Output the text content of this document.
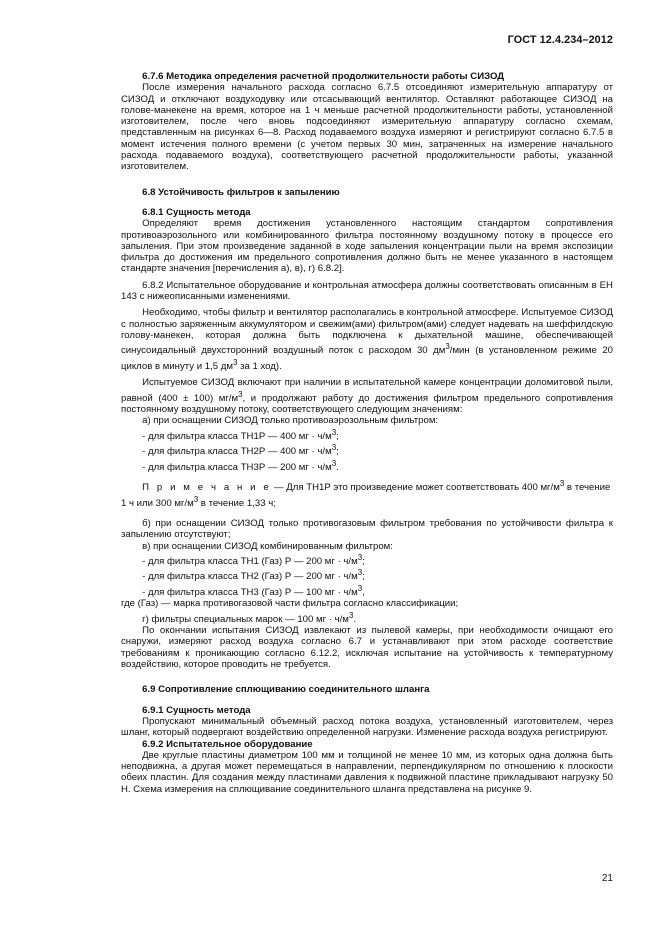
ГОСТ 12.4.234–2012

6.7.6 Методика определения расчетной продолжительности работы СИЗОД

После измерения начального расхода согласно 6.7.5 отсоединяют измерительную аппаратуру от СИЗОД и отключают воздуходувку или отсасывающий вентилятор. Оставляют работающее СИЗОД на голове-манекене на время, которое на 1 ч меньше расчетной продолжительности работы, установленной изготовителем, после чего вновь подсоединяют измерительную аппаратуру согласно схемам, представленным на рисунках 6—8. Расход подаваемого воздуха измеряют и регистрируют согласно 6.7.5 в момент истечения полного времени (с учетом первых 30 мин, затраченных на измерение начального расхода подаваемого воздуха), соответствующего расчетной продолжительности работы, указанной изготовителем.

6.8 Устойчивость фильтров к запылению
6.8.1 Сущность метода

Определяют время достижения установленного настоящим стандартом сопротивления противоаэрозольного или комбинированного фильтра постоянному воздушному потоку в процессе его запыления. При этом произведение заданной в ходе запыления концентрации пыли на время экспозиции фильтра до достижения им предельного сопротивления должно быть не менее указанного в настоящем стандарте значения [перечисления а), в), г) 6.8.2].

6.8.2 Испытательное оборудование и контрольная атмосфера должны соответствовать описанным в ЕН 143 с нижеописанными изменениями.

Необходимо, чтобы фильтр и вентилятор располагались в контрольной атмосфере. Испытуемое СИЗОД с полностью заряженным аккумулятором и свежим(ами) фильтром(ами) следует надевать на шеффилдскую голову-манекен, которая должна быть подключена к дыхательной машине, обеспечивающей синусоидальный двухсторонний воздушный поток с расходом 30 $дм^3$/мин (в установленном режиме 20 циклов в минуту и 1,5 $дм^3$ за 1 ход).

Испытуемое СИЗОД включают при наличии в испытательной камере концентрации доломитовой пыли, равной (400 ± 100) $мг/м^3$, и продолжают работу до достижения фильтром предельного сопротивления постоянному воздушному потоку, соответствующего следующим значениям:

а) при оснащении СИЗОД только противоаэрозольным фильтром:

- для фильтра класса ТН1Р — 400 мг · $ч/м^3$;

- для фильтра класса ТН2Р — 400 мг · $ч/м^3$;

- для фильтра класса ТН3Р — 200 мг · $ч/м^3$.

П р и м е ч а н и е — Для ТН1Р это произведение может соответствовать 400 $мг/м^3$ в течение 1 ч или 300 $мг/м^3$ в течение 1,33 ч;

б) при оснащении СИЗОД только противогазовым фильтром требования по устойчивости фильтра к запылению отсутствуют;

в) при оснащении СИЗОД комбинированным фильтром:

- для фильтра класса ТН1 (Газ) Р — 200 мг · $ч/м^3$;

- для фильтра класса ТН2 (Газ) Р — 200 мг · $ч/м^3$;

- для фильтра класса ТН3 (Газ) Р — 100 мг · $ч/м^3$,

где (Газ) — марка противогазовой части фильтра согласно классификации;

г) фильтры специальных марок — 100 мг · $ч/м^3$.

По окончании испытания СИЗОД извлекают из пылевой камеры, при необходимости очищают его снаружи, измеряют расход воздуха согласно 6.7 и устанавливают при этом расходе соответствие требованиям к проникающию согласно 6.12.2, исключая испытание на устойчивость к температурному воздействию, которое проводить не требуется.

6.9 Сопротивление сплющиванию соединительного шланга
6.9.1 Сущность метода

Пропускают минимальный объемный расход потока воздуха, установленный изготовителем, через шланг, который подвергают воздействию определенной нагрузки. Изменение расхода воздуха регистрируют.

6.9.2 Испытательное оборудование

Две круглые пластины диаметром 100 мм и толщиной не менее 10 мм, из которых одна должна быть неподвижна, а другая может перемещаться в направлении, перпендикулярном по отношению к плоскости обеих пластин. Для создания между пластинами давления к подвижной пластине прикладывают нагрузку 50 Н. Схема измерения на сплющивание соединительного шланга представлена на рисунке 9.

21
